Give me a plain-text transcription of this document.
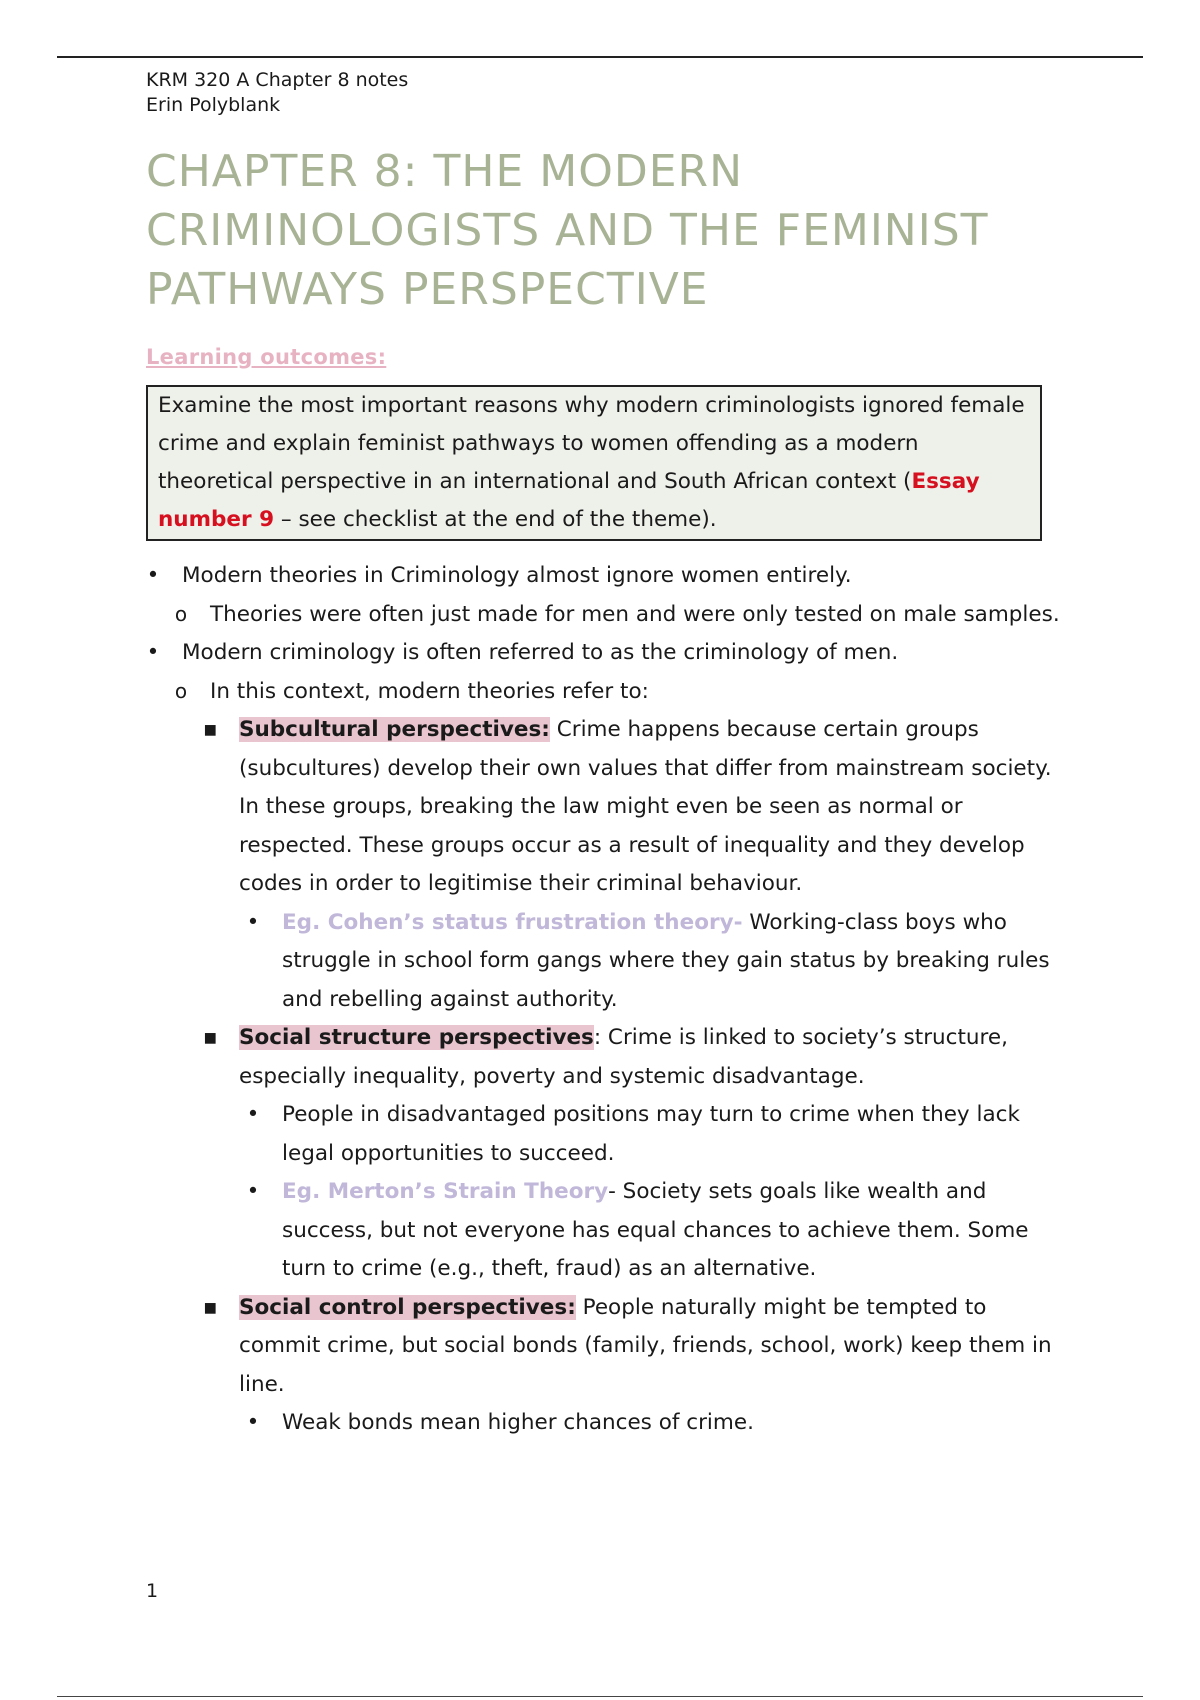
KRM 320 A Chapter 8 notes
Erin Polyblank
CHAPTER 8: THE MODERN
CRIMINOLOGISTS AND THE FEMINIST
PATHWAYS PERSPECTIVE
Learning outcomes:
Examine the most important reasons why modern criminologists ignored female crime and explain feminist pathways to women offending as a modern theoretical perspective in an international and South African context (Essay number 9 – see checklist at the end of the theme).
• Modern theories in Criminology almost ignore women entirely.
o Theories were often just made for men and were only tested on male samples.
• Modern criminology is often referred to as the criminology of men.
o In this context, modern theories refer to:
▪ Subcultural perspectives: Crime happens because certain groups (subcultures) develop their own values that differ from mainstream society. In these groups, breaking the law might even be seen as normal or respected. These groups occur as a result of inequality and they develop codes in order to legitimise their criminal behaviour.
• Eg. Cohen’s status frustration theory- Working-class boys who struggle in school form gangs where they gain status by breaking rules and rebelling against authority.
▪ Social structure perspectives: Crime is linked to society’s structure, especially inequality, poverty and systemic disadvantage.
• People in disadvantaged positions may turn to crime when they lack legal opportunities to succeed.
• Eg. Merton’s Strain Theory- Society sets goals like wealth and success, but not everyone has equal chances to achieve them. Some turn to crime (e.g., theft, fraud) as an alternative.
▪ Social control perspectives: People naturally might be tempted to commit crime, but social bonds (family, friends, school, work) keep them in line.
• Weak bonds mean higher chances of crime.
1
